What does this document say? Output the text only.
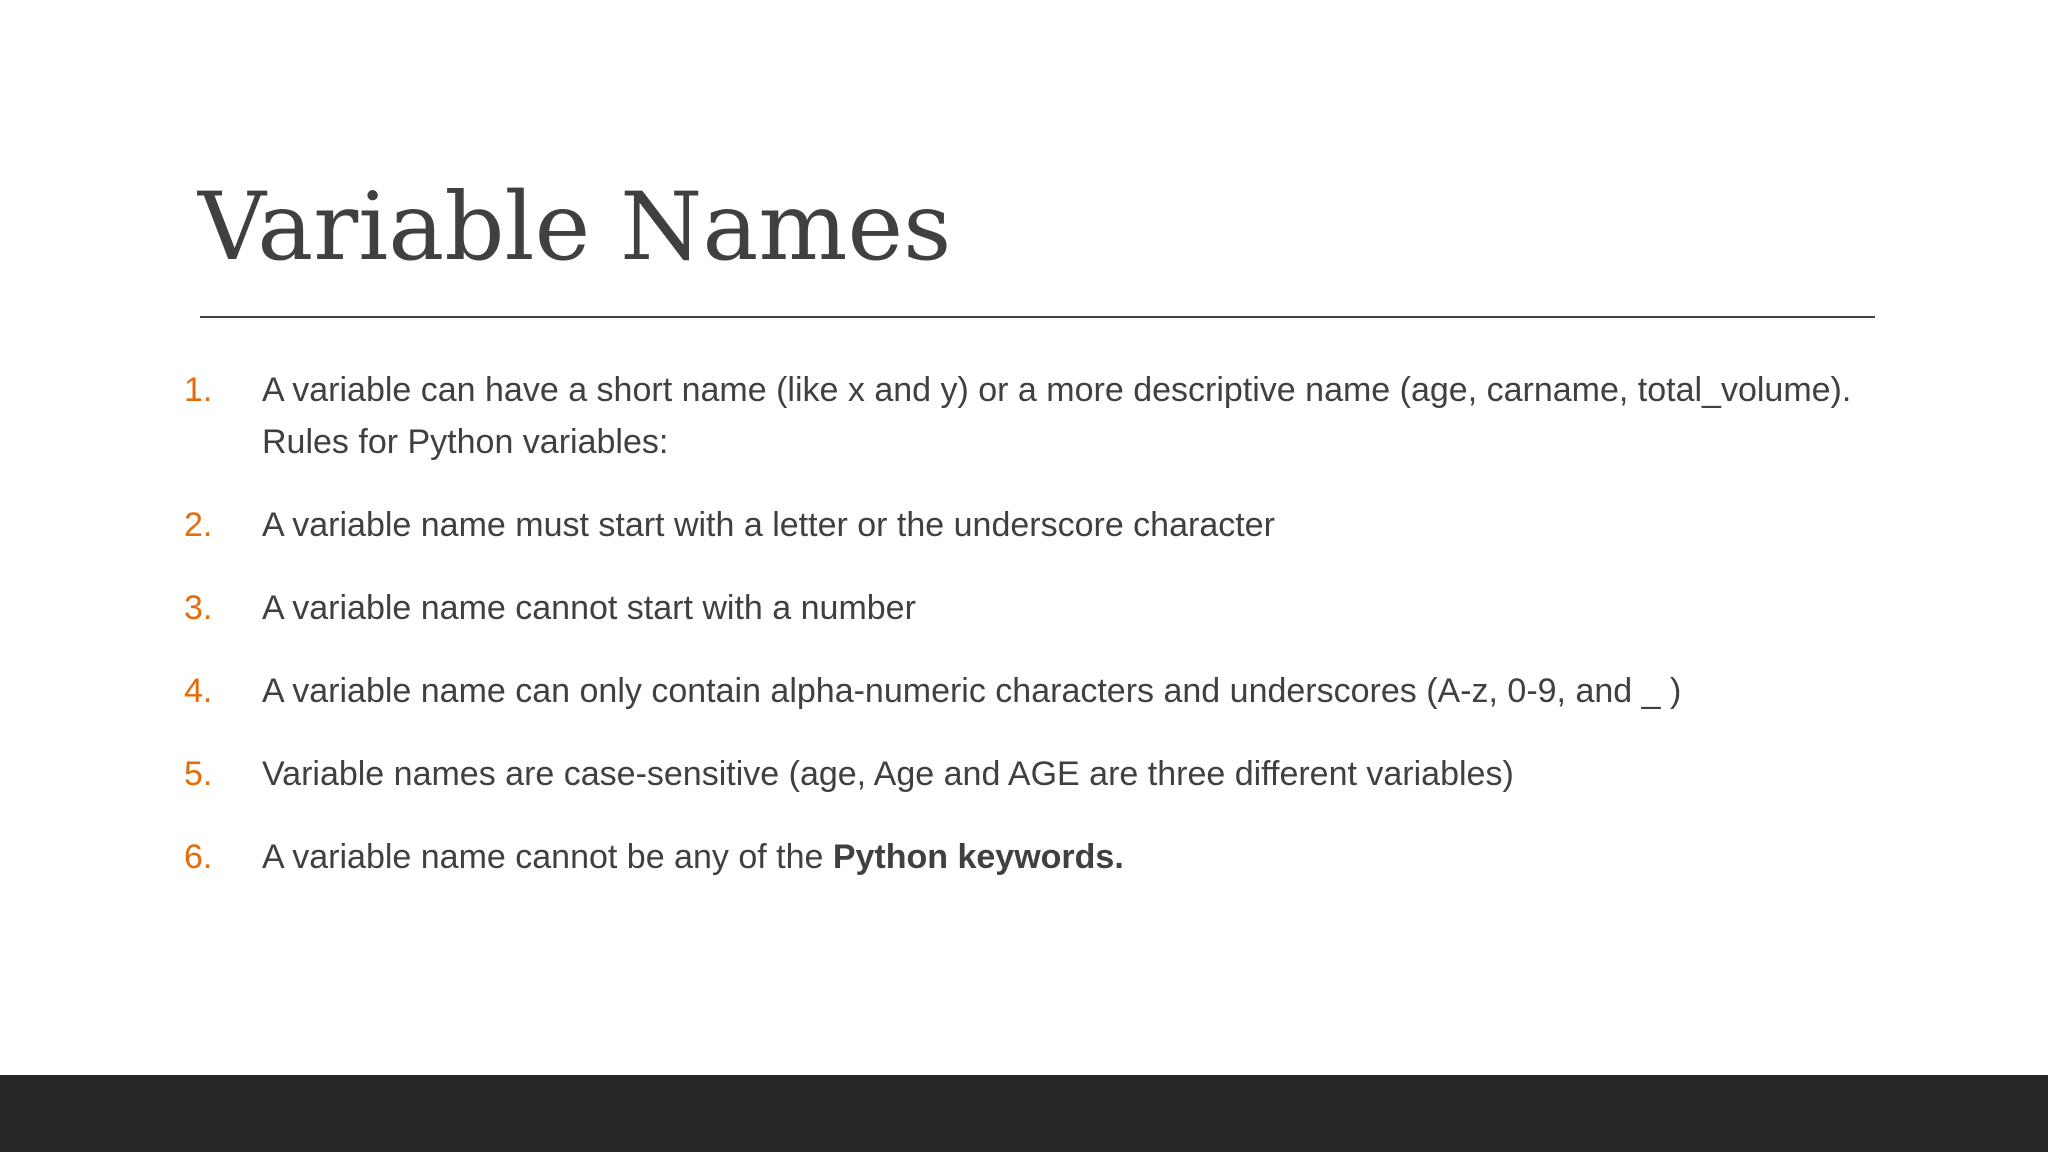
Variable Names
1. A variable can have a short name (like x and y) or a more descriptive name (age, carname, total_volume). Rules for Python variables:
2. A variable name must start with a letter or the underscore character
3. A variable name cannot start with a number
4. A variable name can only contain alpha-numeric characters and underscores (A-z, 0-9, and _ )
5. Variable names are case-sensitive (age, Age and AGE are three different variables)
6. A variable name cannot be any of the Python keywords.
